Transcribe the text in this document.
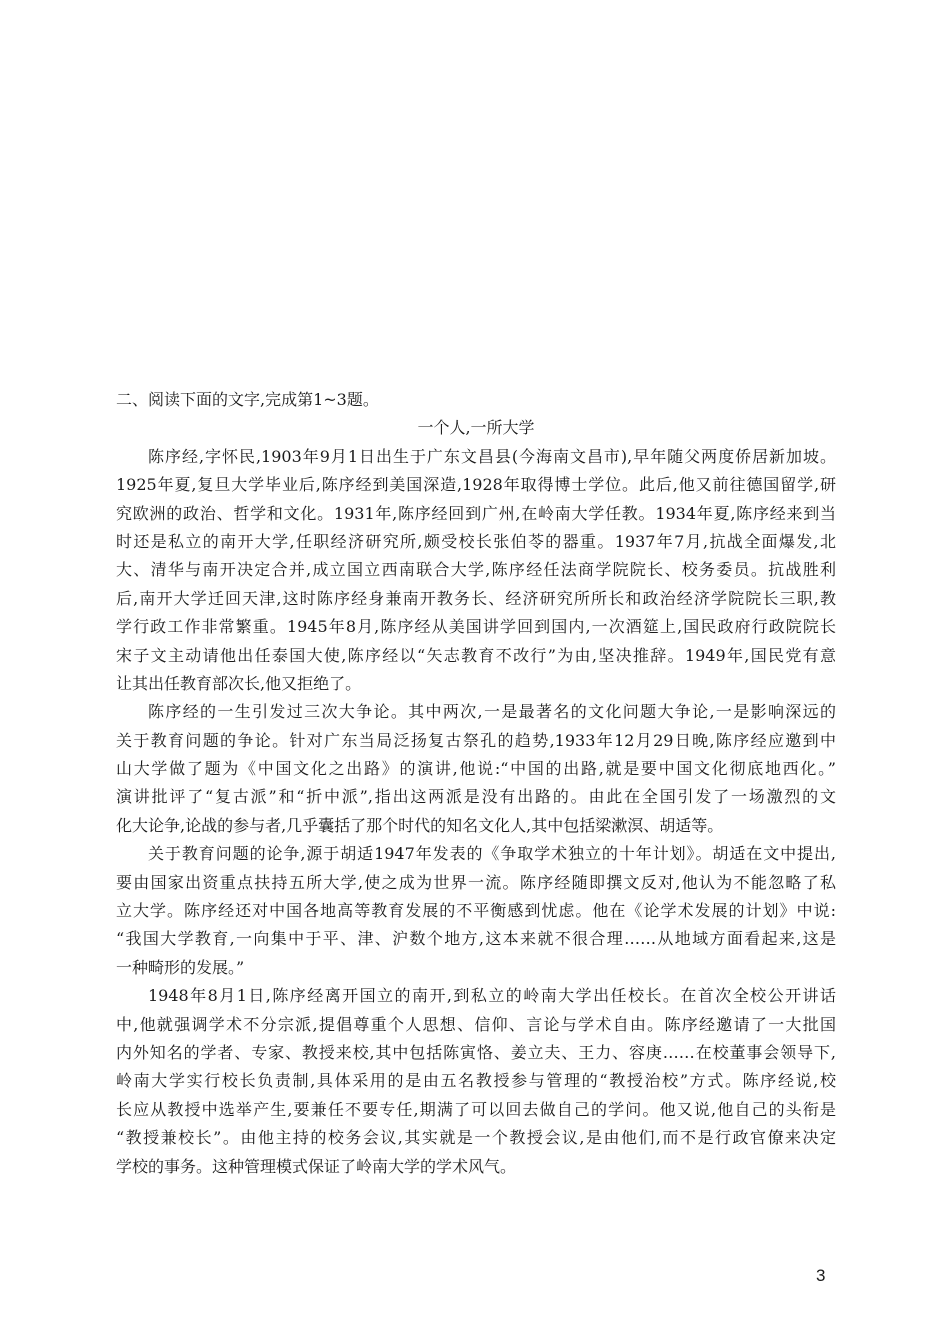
二、阅读下面的文字,完成第1~3题。
一个人,一所大学
陈序经,字怀民,1903年9月1日出生于广东文昌县(今海南文昌市),早年随父两度侨居新加坡。
1925年夏,复旦大学毕业后,陈序经到美国深造,1928年取得博士学位。此后,他又前往德国留学,研
究欧洲的政治、哲学和文化。1931年,陈序经回到广州,在岭南大学任教。1934年夏,陈序经来到当
时还是私立的南开大学,任职经济研究所,颇受校长张伯苓的器重。1937年7月,抗战全面爆发,北
大、清华与南开决定合并,成立国立西南联合大学,陈序经任法商学院院长、校务委员。抗战胜利
后,南开大学迁回天津,这时陈序经身兼南开教务长、经济研究所所长和政治经济学院院长三职,教
学行政工作非常繁重。1945年8月,陈序经从美国讲学回到国内,一次酒筵上,国民政府行政院院长
宋子文主动请他出任泰国大使,陈序经以“矢志教育不改行”为由,坚决推辞。1949年,国民党有意
让其出任教育部次长,他又拒绝了。
陈序经的一生引发过三次大争论。其中两次,一是最著名的文化问题大争论,一是影响深远的
关于教育问题的争论。针对广东当局泛扬复古祭孔的趋势,1933年12月29日晚,陈序经应邀到中
山大学做了题为《中国文化之出路》的演讲,他说:“中国的出路,就是要中国文化彻底地西化。”
演讲批评了“复古派”和“折中派”,指出这两派是没有出路的。由此在全国引发了一场激烈的文
化大论争,论战的参与者,几乎囊括了那个时代的知名文化人,其中包括梁漱溟、胡适等。
关于教育问题的论争,源于胡适1947年发表的《争取学术独立的十年计划》。胡适在文中提出,
要由国家出资重点扶持五所大学,使之成为世界一流。陈序经随即撰文反对,他认为不能忽略了私
立大学。陈序经还对中国各地高等教育发展的不平衡感到忧虑。他在《论学术发展的计划》中说:
“我国大学教育,一向集中于平、津、沪数个地方,这本来就不很合理……从地域方面看起来,这是
一种畸形的发展。”
1948年8月1日,陈序经离开国立的南开,到私立的岭南大学出任校长。在首次全校公开讲话
中,他就强调学术不分宗派,提倡尊重个人思想、信仰、言论与学术自由。陈序经邀请了一大批国
内外知名的学者、专家、教授来校,其中包括陈寅恪、姜立夫、王力、容庚……在校董事会领导下,
岭南大学实行校长负责制,具体采用的是由五名教授参与管理的“教授治校”方式。陈序经说,校
长应从教授中选举产生,要兼任不要专任,期满了可以回去做自己的学问。他又说,他自己的头衔是
“教授兼校长”。由他主持的校务会议,其实就是一个教授会议,是由他们,而不是行政官僚来决定
学校的事务。这种管理模式保证了岭南大学的学术风气。
3
